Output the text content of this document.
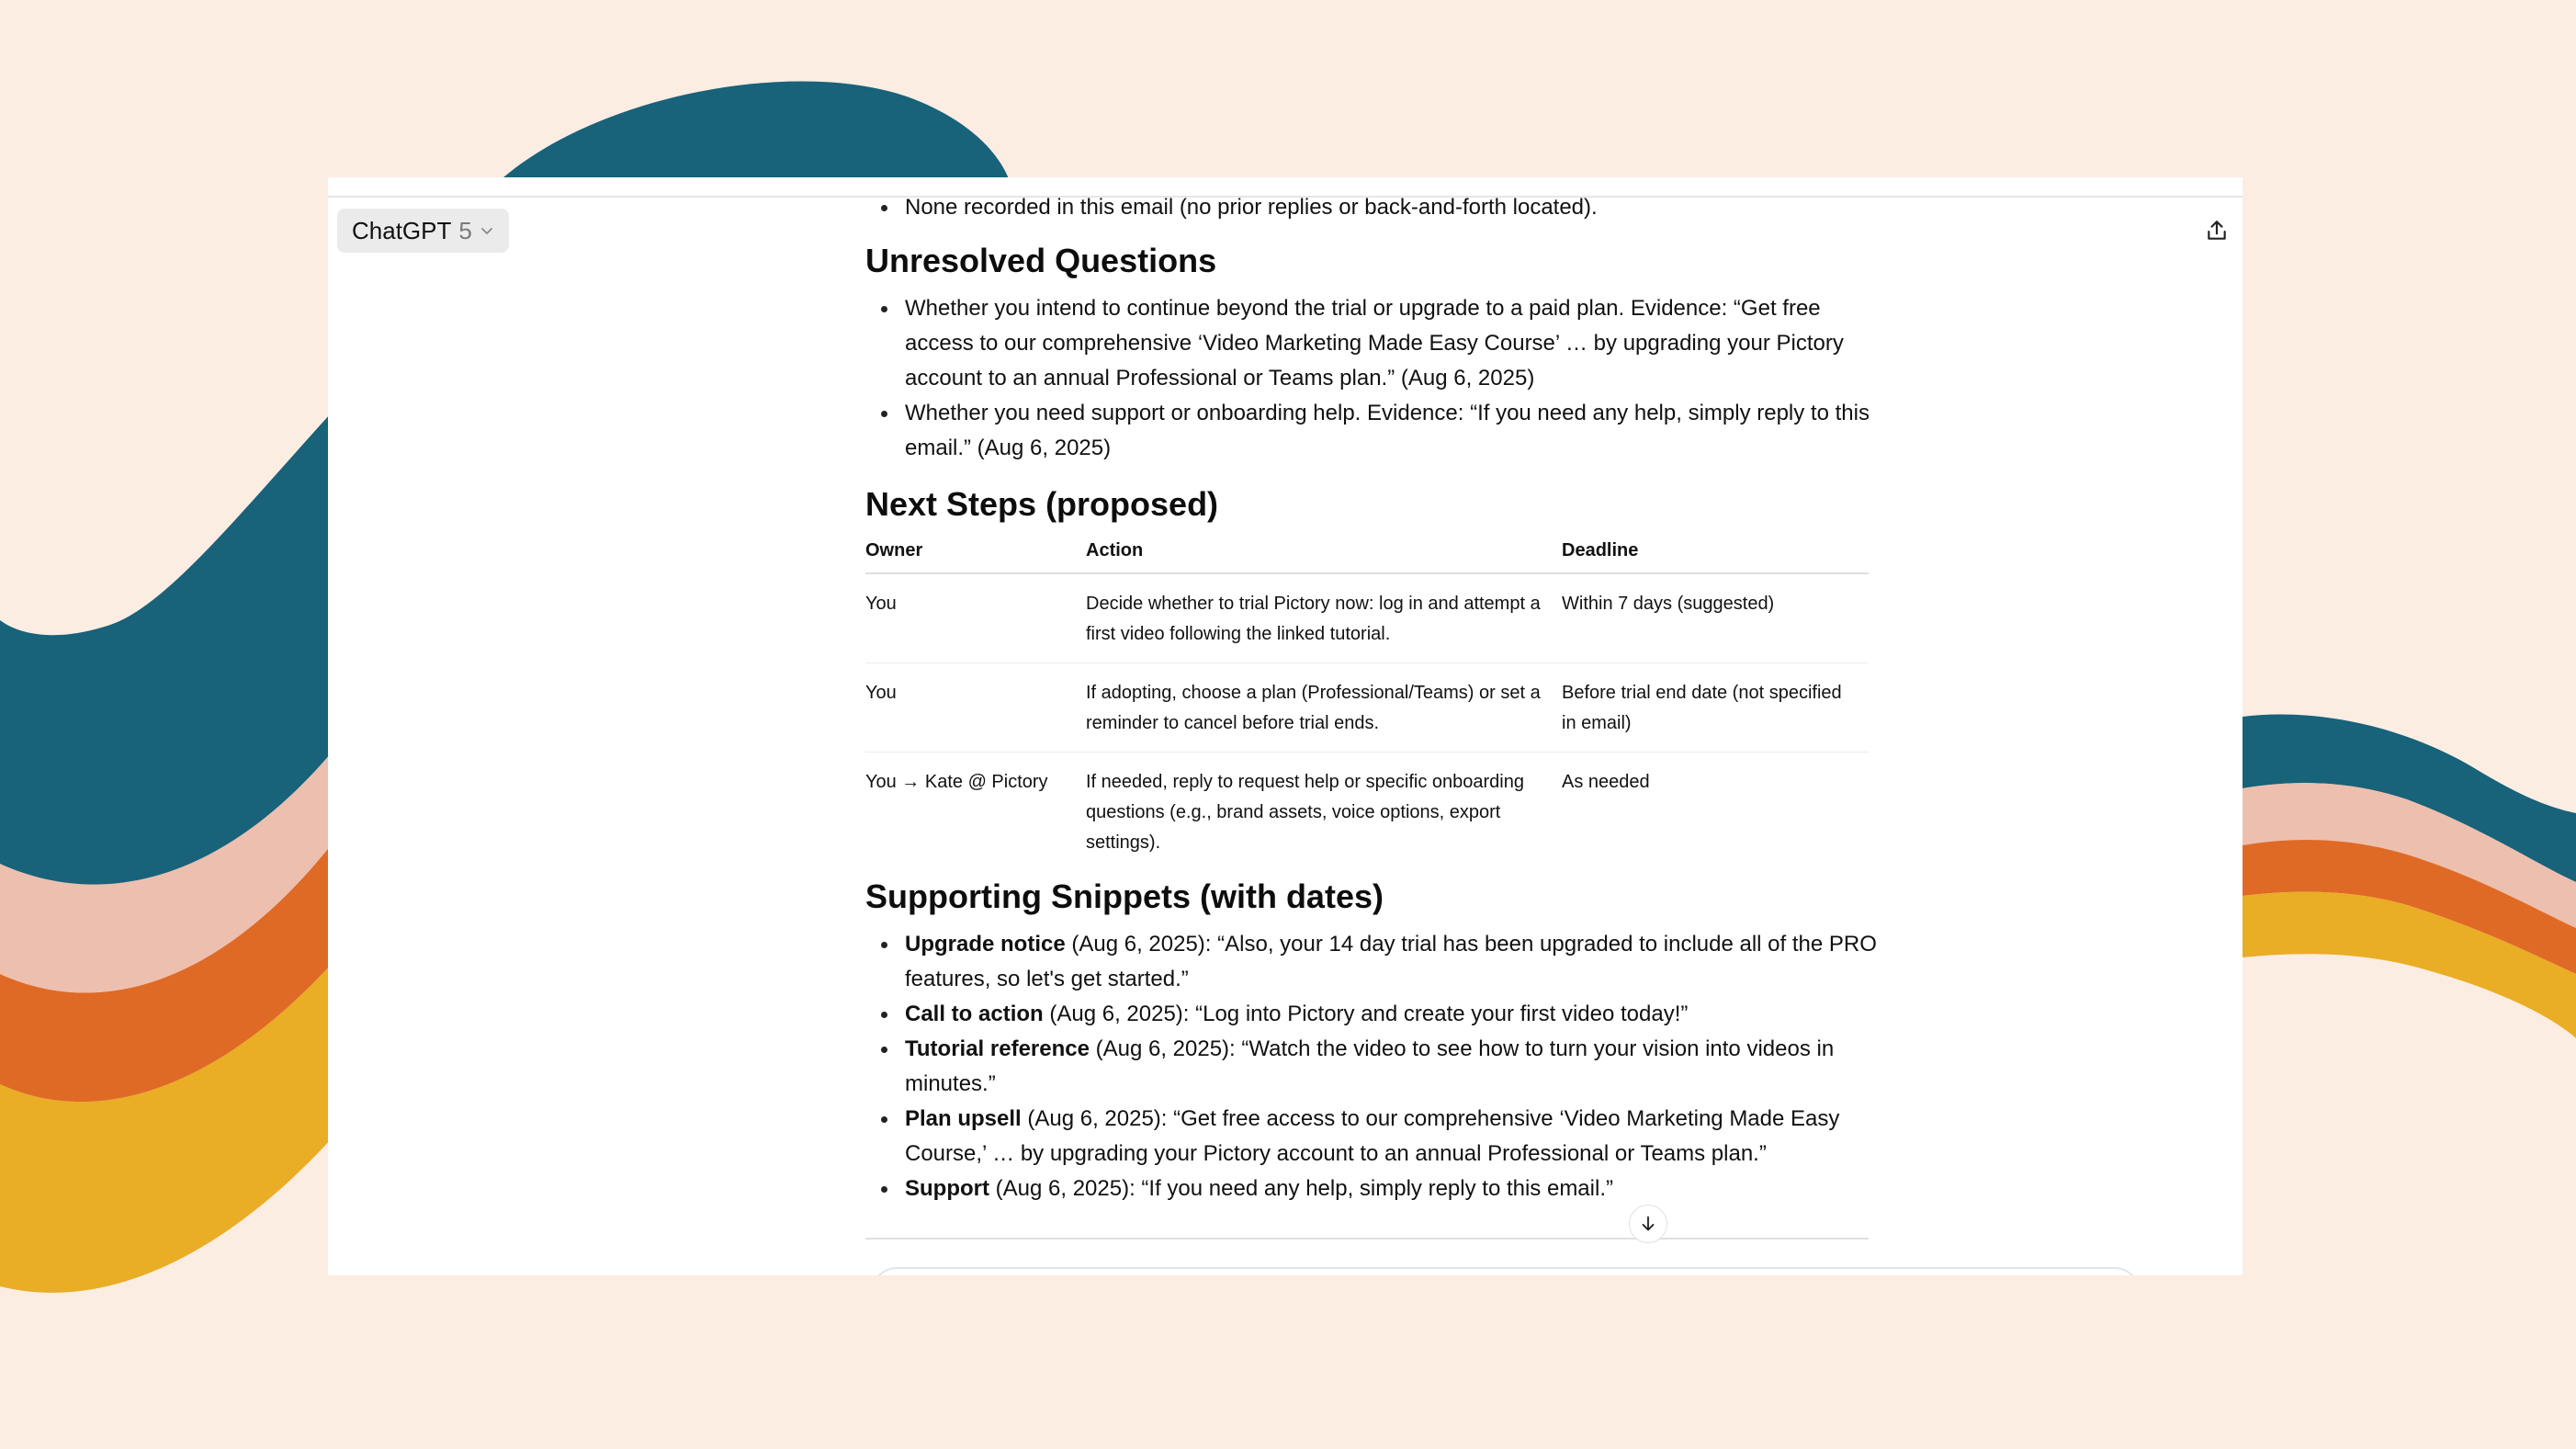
ChatGPT 5
None recorded in this email (no prior replies or back-and-forth located).
Unresolved Questions
Whether you intend to continue beyond the trial or upgrade to a paid plan. Evidence: “Get free access to our comprehensive ‘Video Marketing Made Easy Course’ … by upgrading your Pictory account to an annual Professional or Teams plan.” (Aug 6, 2025)
Whether you need support or onboarding help. Evidence: “If you need any help, simply reply to this email.” (Aug 6, 2025)
Next Steps (proposed)
Owner	Action	Deadline
You	Decide whether to trial Pictory now: log in and attempt a first video following the linked tutorial.	Within 7 days (suggested)
You	If adopting, choose a plan (Professional/Teams) or set a reminder to cancel before trial ends.	Before trial end date (not specified in email)
You → Kate @ Pictory	If needed, reply to request help or specific onboarding questions (e.g., brand assets, voice options, export settings).	As needed
Supporting Snippets (with dates)
Upgrade notice (Aug 6, 2025): “Also, your 14 day trial has been upgraded to include all of the PRO features, so let's get started.”
Call to action (Aug 6, 2025): “Log into Pictory and create your first video today!”
Tutorial reference (Aug 6, 2025): “Watch the video to see how to turn your vision into videos in minutes.”
Plan upsell (Aug 6, 2025): “Get free access to our comprehensive ‘Video Marketing Made Easy Course,’ … by upgrading your Pictory account to an annual Professional or Teams plan.”
Support (Aug 6, 2025): “If you need any help, simply reply to this email.”
